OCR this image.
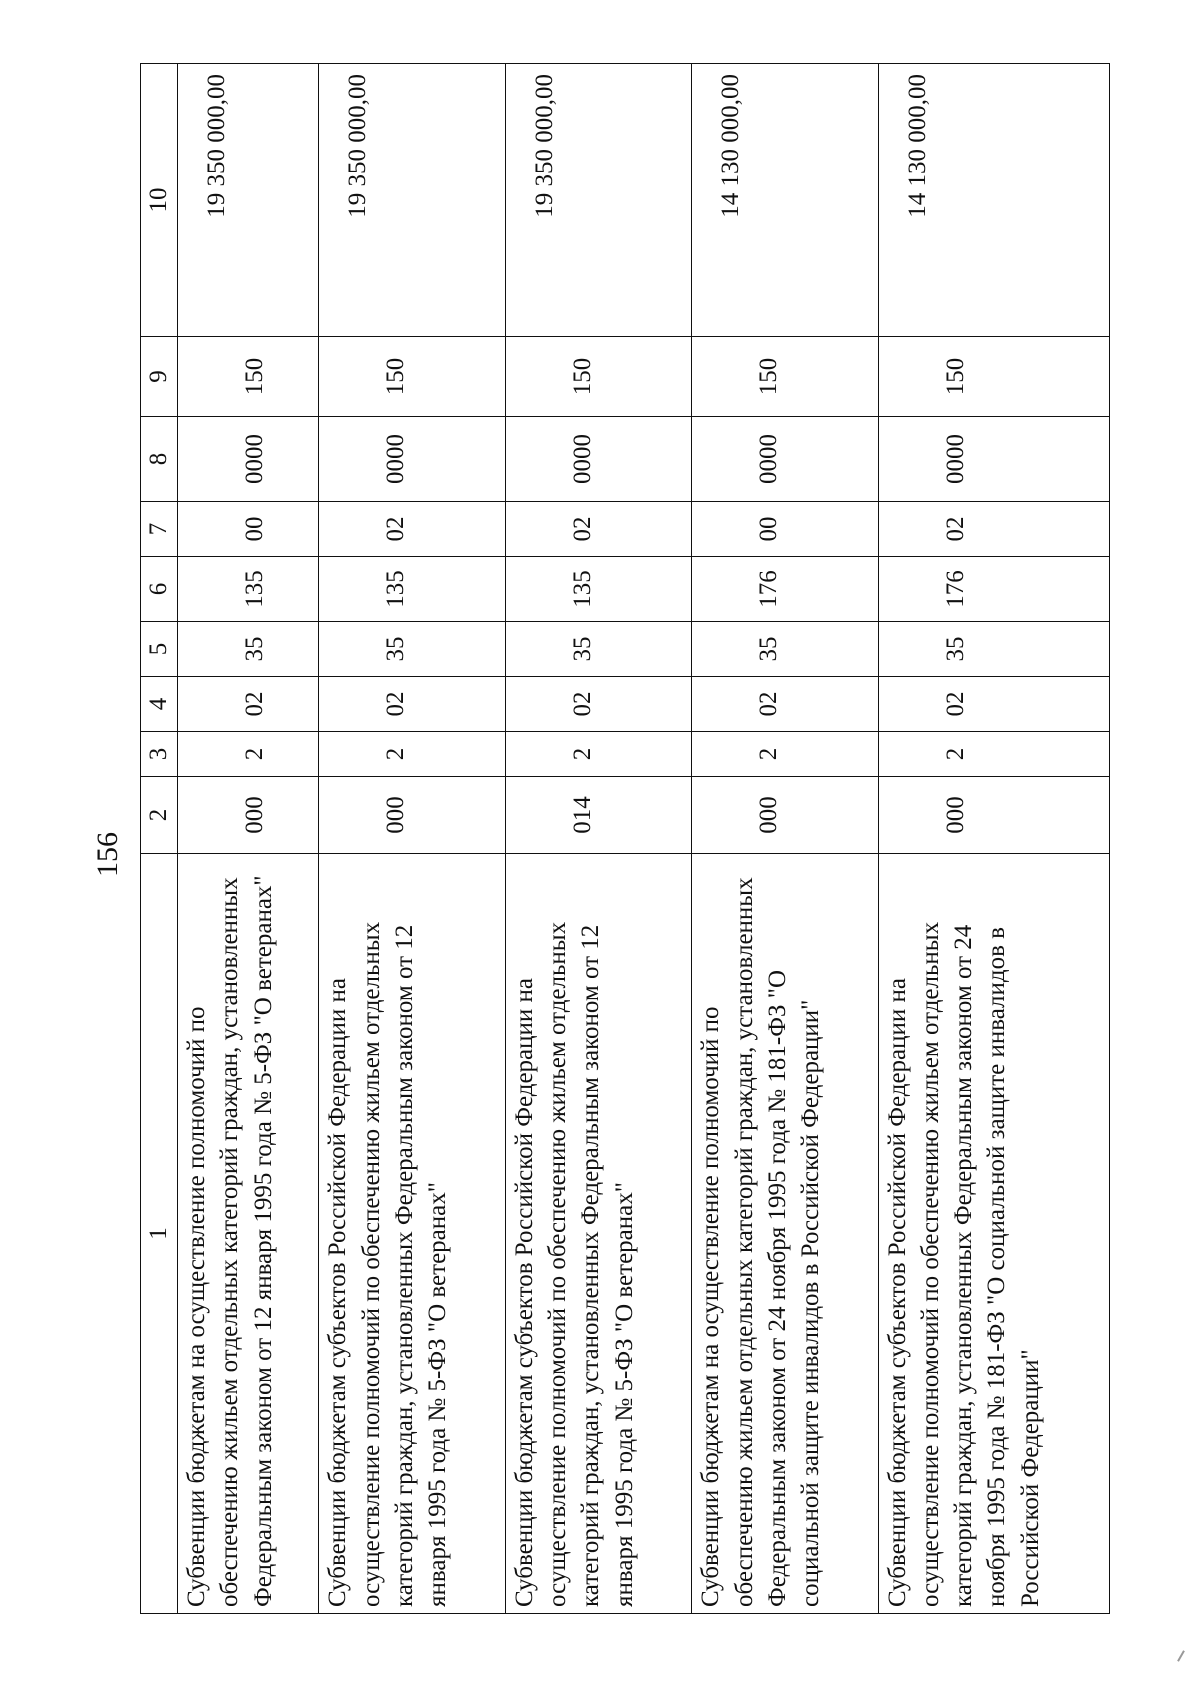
156
1	2	3	4	5	6	7	8	9	10
Субвенции бюджетам на осуществление полномочий по обеспечению жильем отдельных категорий граждан, установленных Федеральным законом от 12 января 1995 года № 5-ФЗ "О ветеранах"	000	2	02	35	135	00	0000	150	19 350 000,00
Субвенции бюджетам субъектов Российской Федерации на осуществление полномочий по обеспечению жильем отдельных категорий граждан, установленных Федеральным законом от 12 января 1995 года № 5-ФЗ "О ветеранах"	000	2	02	35	135	02	0000	150	19 350 000,00
Субвенции бюджетам субъектов Российской Федерации на осуществление полномочий по обеспечению жильем отдельных категорий граждан, установленных Федеральным законом от 12 января 1995 года № 5-ФЗ "О ветеранах"	014	2	02	35	135	02	0000	150	19 350 000,00
Субвенции бюджетам на осуществление полномочий по обеспечению жильем отдельных категорий граждан, установленных Федеральным законом от 24 ноября 1995 года № 181-ФЗ "О социальной защите инвалидов в Российской Федерации"	000	2	02	35	176	00	0000	150	14 130 000,00
Субвенции бюджетам субъектов Российской Федерации на осуществление полномочий по обеспечению жильем отдельных категорий граждан, установленных Федеральным законом от 24 ноября 1995 года № 181-ФЗ "О социальной защите инвалидов в Российской Федерации"	000	2	02	35	176	02	0000	150	14 130 000,00
